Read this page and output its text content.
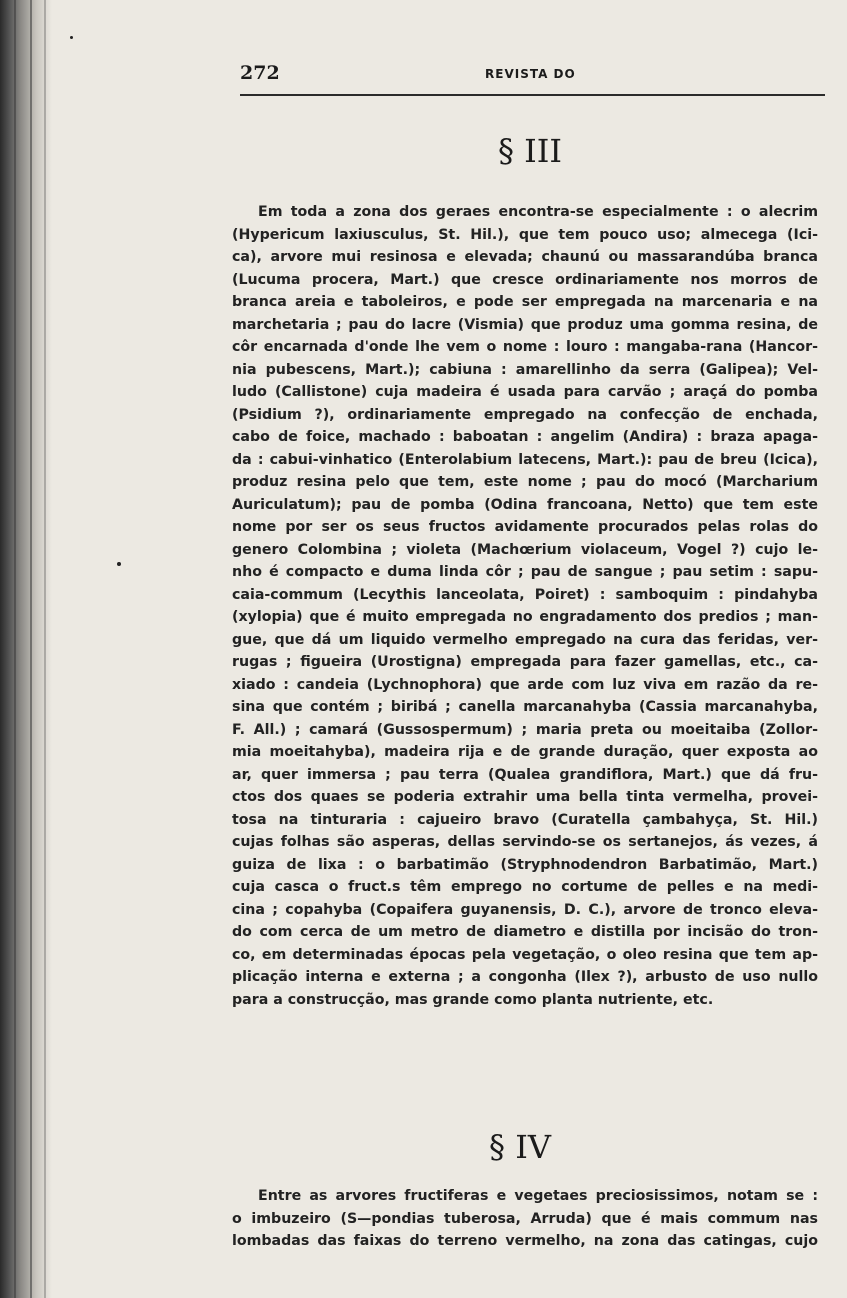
272	REVISTA DO
§ III
Em toda a zona dos geraes encontra-se especialmente : o alecrim
(Hypericum laxiusculus, St. Hil.), que tem pouco uso; almecega (Ici-
ca), arvore mui resinosa e elevada; chaunú ou massarandúba branca
(Lucuma procera, Mart.) que cresce ordinariamente nos morros de
branca areia e taboleiros, e pode ser empregada na marcenaria e na
marchetaria ; pau do lacre (Vismia) que produz uma gomma resina, de
côr encarnada d'onde lhe vem o nome : louro : mangaba-rana (Hancor-
nia pubescens, Mart.); cabiuna : amarellinho da serra (Galipea); Vel-
ludo (Callistone) cuja madeira é usada para carvão ; araçá do pomba
(Psidium ?), ordinariamente empregado na confecção de enchada,
cabo de foice, machado : baboatan : angelim (Andira) : braza apaga-
da : cabui-vinhatico (Enterolabium latecens, Mart.): pau de breu (Icica),
produz resina pelo que tem, este nome ; pau do mocó (Marcharium
Auriculatum); pau de pomba (Odina francoana, Netto) que tem este
nome por ser os seus fructos avidamente procurados pelas rolas do
genero Colombina ; violeta (Machœrium violaceum, Vogel ?) cujo le-
nho é compacto e duma linda côr ; pau de sangue ; pau setim : sapu-
caia-commum (Lecythis lanceolata, Poiret) : samboquim : pindahyba
(xylopia) que é muito empregada no engradamento dos predios ; man-
gue, que dá um liquido vermelho empregado na cura das feridas, ver-
rugas ; figueira (Urostigna) empregada para fazer gamellas, etc., ca-
xiado : candeia (Lychnophora) que arde com luz viva em razão da re-
sina que contém ; biribá ; canella marcanahyba (Cassia marcanahyba,
F. All.) ; camará (Gussospermum) ; maria preta ou moeitaiba (Zollor-
mia moeitahyba), madeira rija e de grande duração, quer exposta ao
ar, quer immersa ; pau terra (Qualea grandiflora, Mart.) que dá fru-
ctos dos quaes se poderia extrahir uma bella tinta vermelha, provei-
tosa na tinturaria : cajueiro bravo (Curatella çambahyça, St. Hil.)
cujas folhas são asperas, dellas servindo-se os sertanejos, ás vezes, á
guiza de lixa : o barbatimão (Stryphnodendron Barbatimão, Mart.)
cuja casca o fruct.s têm emprego no cortume de pelles e na medi-
cina ; copahyba (Copaifera guyanensis, D. C.), arvore de tronco eleva-
do com cerca de um metro de diametro e distilla por incisão do tron-
co, em determinadas épocas pela vegetação, o oleo resina que tem ap-
plicação interna e externa ; a congonha (Ilex ?), arbusto de uso nullo
para a construcção, mas grande como planta nutriente, etc.
§ IV
Entre as arvores fructiferas e vegetaes preciosissimos, notam se :
o imbuzeiro (S—pondias tuberosa, Arruda) que é mais commum nas
lombadas das faixas do terreno vermelho, na zona das catingas, cujo
